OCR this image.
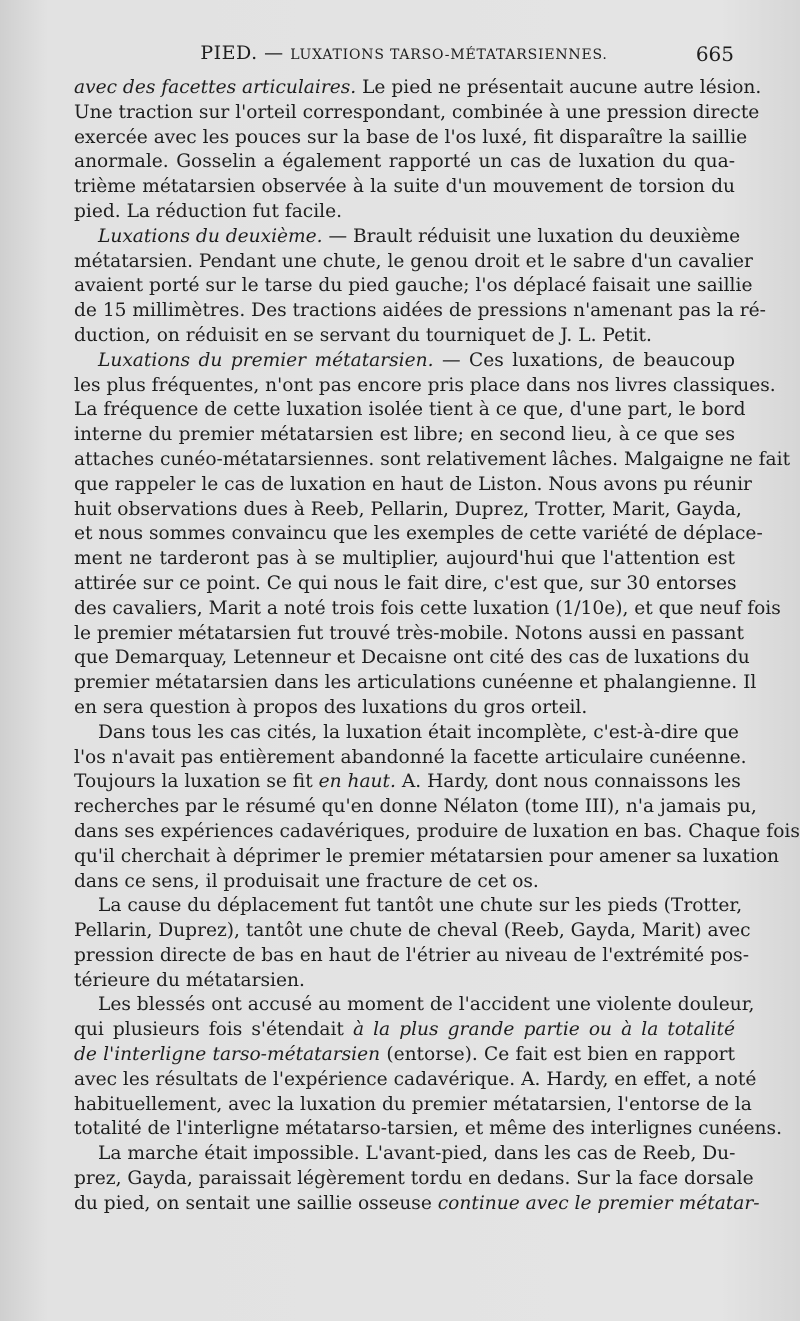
PIED. — LUXATIONS TARSO-MÉTATARSIENNES.	665
avec des facettes articulaires. Le pied ne présentait aucune autre lésion.
Une traction sur l'orteil correspondant, combinée à une pression directe
exercée avec les pouces sur la base de l'os luxé, fit disparaître la saillie
anormale. Gosselin a également rapporté un cas de luxation du qua-
trième métatarsien observée à la suite d'un mouvement de torsion du
pied. La réduction fut facile.
Luxations du deuxième. — Brault réduisit une luxation du deuxième
métatarsien. Pendant une chute, le genou droit et le sabre d'un cavalier
avaient porté sur le tarse du pied gauche; l'os déplacé faisait une saillie
de 15 millimètres. Des tractions aidées de pressions n'amenant pas la ré-
duction, on réduisit en se servant du tourniquet de J. L. Petit.
Luxations du premier métatarsien. — Ces luxations, de beaucoup
les plus fréquentes, n'ont pas encore pris place dans nos livres classiques.
La fréquence de cette luxation isolée tient à ce que, d'une part, le bord
interne du premier métatarsien est libre; en second lieu, à ce que ses
attaches cunéo-métatarsiennes. sont relativement lâches. Malgaigne ne fait
que rappeler le cas de luxation en haut de Liston. Nous avons pu réunir
huit observations dues à Reeb, Pellarin, Duprez, Trotter, Marit, Gayda,
et nous sommes convaincu que les exemples de cette variété de déplace-
ment ne tarderont pas à se multiplier, aujourd'hui que l'attention est
attirée sur ce point. Ce qui nous le fait dire, c'est que, sur 30 entorses
des cavaliers, Marit a noté trois fois cette luxation (1/10e), et que neuf fois
le premier métatarsien fut trouvé très-mobile. Notons aussi en passant
que Demarquay, Letenneur et Decaisne ont cité des cas de luxations du
premier métatarsien dans les articulations cunéenne et phalangienne. Il
en sera question à propos des luxations du gros orteil.
Dans tous les cas cités, la luxation était incomplète, c'est-à-dire que
l'os n'avait pas entièrement abandonné la facette articulaire cunéenne.
Toujours la luxation se fit en haut. A. Hardy, dont nous connaissons les
recherches par le résumé qu'en donne Nélaton (tome III), n'a jamais pu,
dans ses expériences cadavériques, produire de luxation en bas. Chaque fois
qu'il cherchait à déprimer le premier métatarsien pour amener sa luxation
dans ce sens, il produisait une fracture de cet os.
La cause du déplacement fut tantôt une chute sur les pieds (Trotter,
Pellarin, Duprez), tantôt une chute de cheval (Reeb, Gayda, Marit) avec
pression directe de bas en haut de l'étrier au niveau de l'extrémité pos-
térieure du métatarsien.
Les blessés ont accusé au moment de l'accident une violente douleur,
qui plusieurs fois s'étendait à la plus grande partie ou à la totalité
de l'interligne tarso-métatarsien (entorse). Ce fait est bien en rapport
avec les résultats de l'expérience cadavérique. A. Hardy, en effet, a noté
habituellement, avec la luxation du premier métatarsien, l'entorse de la
totalité de l'interligne métatarso-tarsien, et même des interlignes cunéens.
La marche était impossible. L'avant-pied, dans les cas de Reeb, Du-
prez, Gayda, paraissait légèrement tordu en dedans. Sur la face dorsale
du pied, on sentait une saillie osseuse continue avec le premier métatar-
